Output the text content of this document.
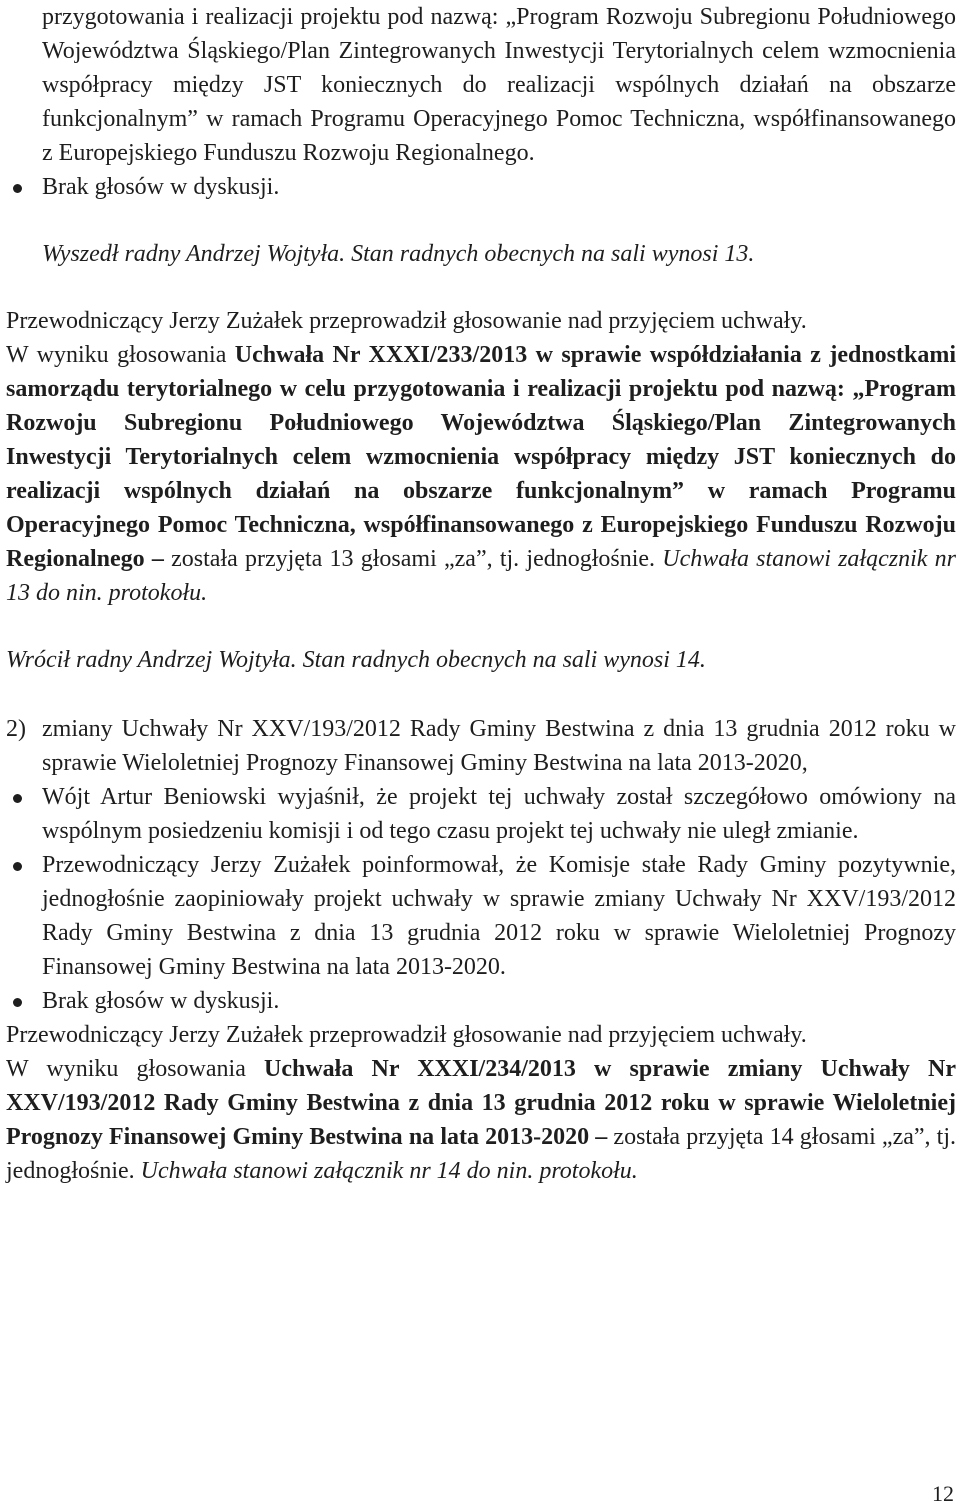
przygotowania i realizacji projektu pod nazwą: „Program Rozwoju Subregionu Południowego Województwa Śląskiego/Plan Zintegrowanych Inwestycji Terytorialnych celem wzmocnienia współpracy między JST koniecznych do realizacji wspólnych działań na obszarze funkcjonalnym” w ramach Programu Operacyjnego Pomoc Techniczna, współfinansowanego z Europejskiego Funduszu Rozwoju Regionalnego.

Brak głosów w dyskusji.

Wyszedł radny Andrzej Wojtyła. Stan radnych obecnych na sali wynosi 13.

Przewodniczący Jerzy Zużałek przeprowadził głosowanie nad przyjęciem uchwały.

W wyniku głosowania Uchwała Nr XXXI/233/2013 w sprawie współdziałania z jednostkami samorządu terytorialnego w celu przygotowania i realizacji projektu pod nazwą: „Program Rozwoju Subregionu Południowego Województwa Śląskiego/Plan Zintegrowanych Inwestycji Terytorialnych celem wzmocnienia współpracy między JST koniecznych do realizacji wspólnych działań na obszarze funkcjonalnym” w ramach Programu Operacyjnego Pomoc Techniczna, współfinansowanego z Europejskiego Funduszu Rozwoju Regionalnego – została przyjęta 13 głosami „za”, tj. jednogłośnie. Uchwała stanowi załącznik nr 13 do nin. protokołu.

Wrócił radny Andrzej Wojtyła. Stan radnych obecnych na sali wynosi 14.

2) zmiany Uchwały Nr XXV/193/2012 Rady Gminy Bestwina z dnia 13 grudnia 2012 roku w sprawie Wieloletniej Prognozy Finansowej Gminy Bestwina na lata 2013-2020,

Wójt Artur Beniowski wyjaśnił, że projekt tej uchwały został szczegółowo omówiony na wspólnym posiedzeniu komisji i od tego czasu projekt tej uchwały nie uległ zmianie.

Przewodniczący Jerzy Zużałek poinformował, że Komisje stałe Rady Gminy pozytywnie, jednogłośnie zaopiniowały projekt uchwały w sprawie zmiany Uchwały Nr XXV/193/2012 Rady Gminy Bestwina z dnia 13 grudnia 2012 roku w sprawie Wieloletniej Prognozy Finansowej Gminy Bestwina na lata 2013-2020.

Brak głosów w dyskusji.

Przewodniczący Jerzy Zużałek przeprowadził głosowanie nad przyjęciem uchwały.

W wyniku głosowania Uchwała Nr XXXI/234/2013 w sprawie zmiany Uchwały Nr XXV/193/2012 Rady Gminy Bestwina z dnia 13 grudnia 2012 roku w sprawie Wieloletniej Prognozy Finansowej Gminy Bestwina na lata 2013-2020 – została przyjęta 14 głosami „za”, tj. jednogłośnie. Uchwała stanowi załącznik nr 14 do nin. protokołu.

12
